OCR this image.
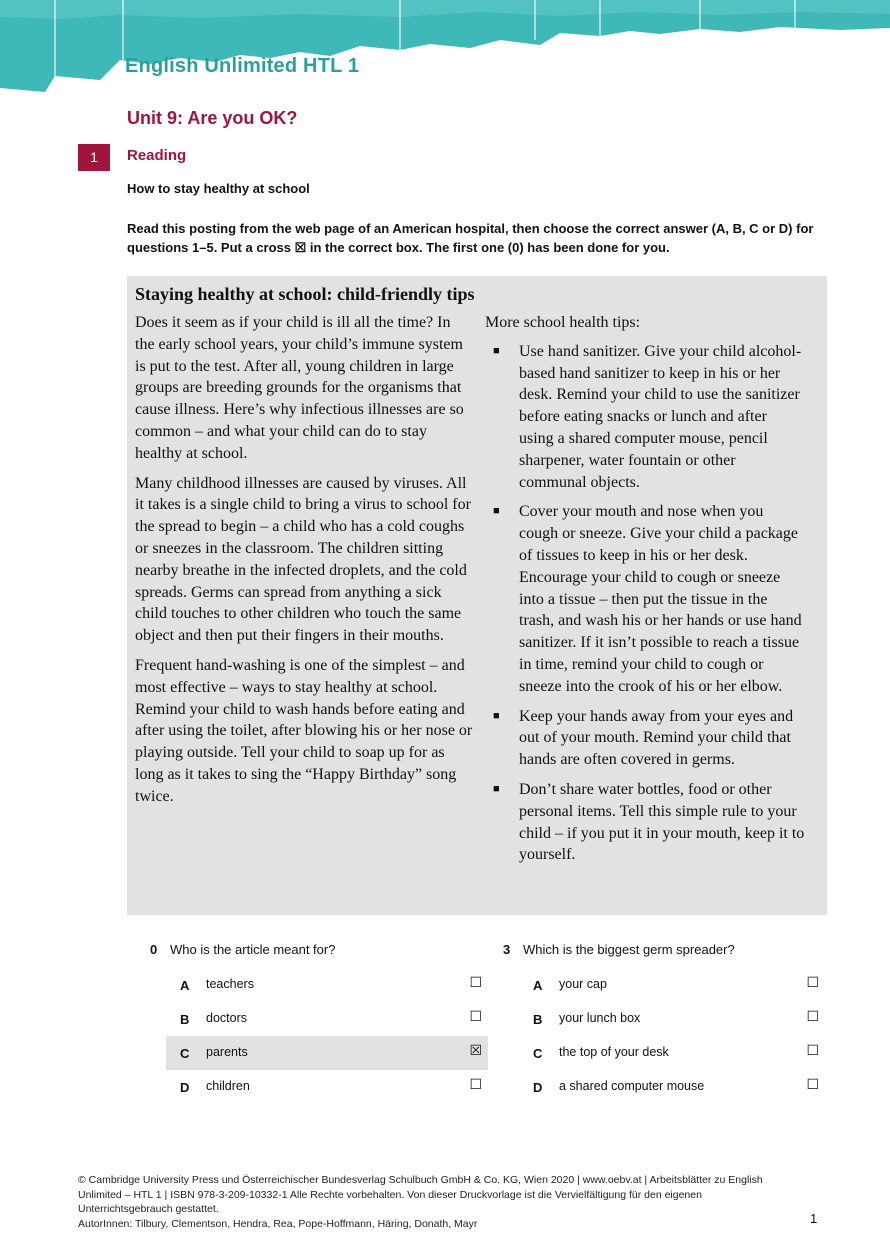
English Unlimited HTL 1
Unit 9: Are you OK?
1	Reading
How to stay healthy at school
Read this posting from the web page of an American hospital, then choose the correct answer (A, B, C or D) for questions 1–5. Put a cross ☒ in the correct box. The first one (0) has been done for you.
Staying healthy at school: child-friendly tips

Does it seem as if your child is ill all the time? In the early school years, your child’s immune system is put to the test. After all, young children in large groups are breeding grounds for the organisms that cause illness. Here’s why infectious illnesses are so common – and what your child can do to stay healthy at school.

Many childhood illnesses are caused by viruses. All it takes is a single child to bring a virus to school for the spread to begin – a child who has a cold coughs or sneezes in the classroom. The children sitting nearby breathe in the infected droplets, and the cold spreads. Germs can spread from anything a sick child touches to other children who touch the same object and then put their fingers in their mouths.

Frequent hand-washing is one of the simplest – and most effective – ways to stay healthy at school. Remind your child to wash hands before eating and after using the toilet, after blowing his or her nose or playing outside. Tell your child to soap up for as long as it takes to sing the “Happy Birthday” song twice.

More school health tips:

■ Use hand sanitizer. Give your child alcohol-based hand sanitizer to keep in his or her desk. Remind your child to use the sanitizer before eating snacks or lunch and after using a shared computer mouse, pencil sharpener, water fountain or other communal objects.
■ Cover your mouth and nose when you cough or sneeze. Give your child a package of tissues to keep in his or her desk. Encourage your child to cough or sneeze into a tissue – then put the tissue in the trash, and wash his or her hands or use hand sanitizer. If it isn’t possible to reach a tissue in time, remind your child to cough or sneeze into the crook of his or her elbow.
■ Keep your hands away from your eyes and out of your mouth. Remind your child that hands are often covered in germs.
■ Don’t share water bottles, food or other personal items. Tell this simple rule to your child – if you put it in your mouth, keep it to yourself.
0 Who is the article meant for?
A teachers	☐
B doctors	☐
C parents	☒
D children	☐
3 Which is the biggest germ spreader?
A your cap	☐
B your lunch box	☐
C the top of your desk	☐
D a shared computer mouse	☐
© Cambridge University Press und Österreichischer Bundesverlag Schulbuch GmbH & Co. KG, Wien 2020 | www.oebv.at | Arbeitsblätter zu English Unlimited – HTL 1 | ISBN 978-3-209-10332-1 Alle Rechte vorbehalten. Von dieser Druckvorlage ist die Vervielfältigung für den eigenen Unterrichtsgebrauch gestattet.
AutorInnen: Tilbury, Clementson, Hendra, Rea, Pope-Hoffmann, Häring, Donath, Mayr	1
